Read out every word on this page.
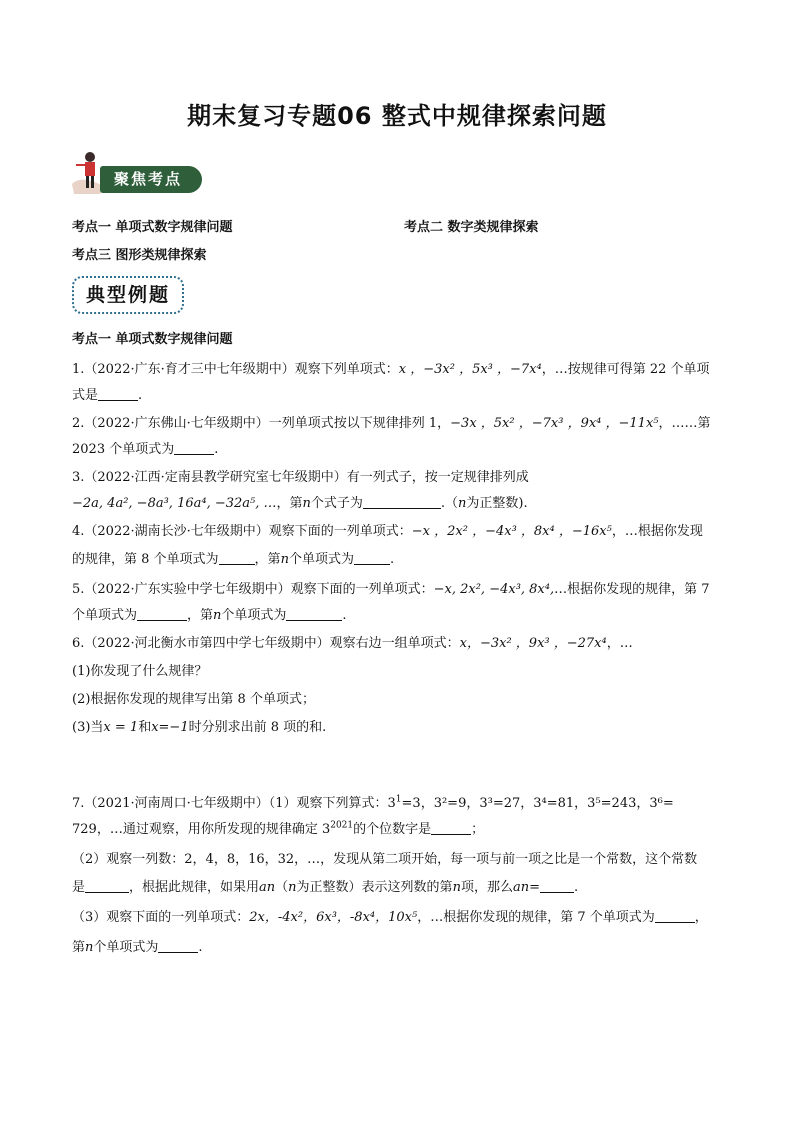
期末复习专题06 整式中规律探索问题
聚焦考点
考点一 单项式数字规律问题	考点二 数字类规律探索
考点三 图形类规律探索
典型例题
考点一 单项式数字规律问题
1.（2022·广东·育才三中七年级期中）观察下列单项式：x ，−3x² ，5x³ ，−7x⁴，…按规律可得第 22 个单项
式是	.
2.（2022·广东佛山·七年级期中）一列单项式按以下规律排列 1，−3x ，5x² ，−7x³ ，9x⁴ ，−11x⁵，……第
2023 个单项式为	.
3.（2022·江西·定南县教学研究室七年级期中）有一列式子，按一定规律排列成
−2a, 4a², −8a³, 16a⁴, −32a⁵, …，第n个式子为	.（n为正整数).
4.（2022·湖南长沙·七年级期中）观察下面的一列单项式：−x ，2x² ，−4x³ ，8x⁴ ，−16x⁵，…根据你发现
的规律，第 8 个单项式为	，第n个单项式为	.
5.（2022·广东实验中学七年级期中）观察下面的一列单项式：−x, 2x², −4x³, 8x⁴,…根据你发现的规律，第 7
个单项式为	，第n个单项式为	.
6.（2022·河北衡水市第四中学七年级期中）观察右边一组单项式：x，−3x² ，9x³ ，−27x⁴，…
(1)你发现了什么规律？
(2)根据你发现的规律写出第 8 个单项式；
(3)当x = 1和x=−1时分别求出前 8 项的和.
7.（2021·河南周口·七年级期中）（1）观察下列算式：$3^1=3$，3²=9，3³=27，3⁴=81，3⁵=243，3⁶=
729，…通过观察，用你所发现的规律确定 $3^{2021}$的个位数字是	；
（2）观察一列数：2，4，8，16，32，…，发现从第二项开始，每一项与前一项之比是一个常数，这个常数
是	，根据此规律，如果用an（n为正整数）表示这列数的第n项，那么an=	.
（3）观察下面的一列单项式：2x，-4x²，6x³，-8x⁴，10x⁵，…根据你发现的规律，第 7 个单项式为	，
第n个单项式为	.
